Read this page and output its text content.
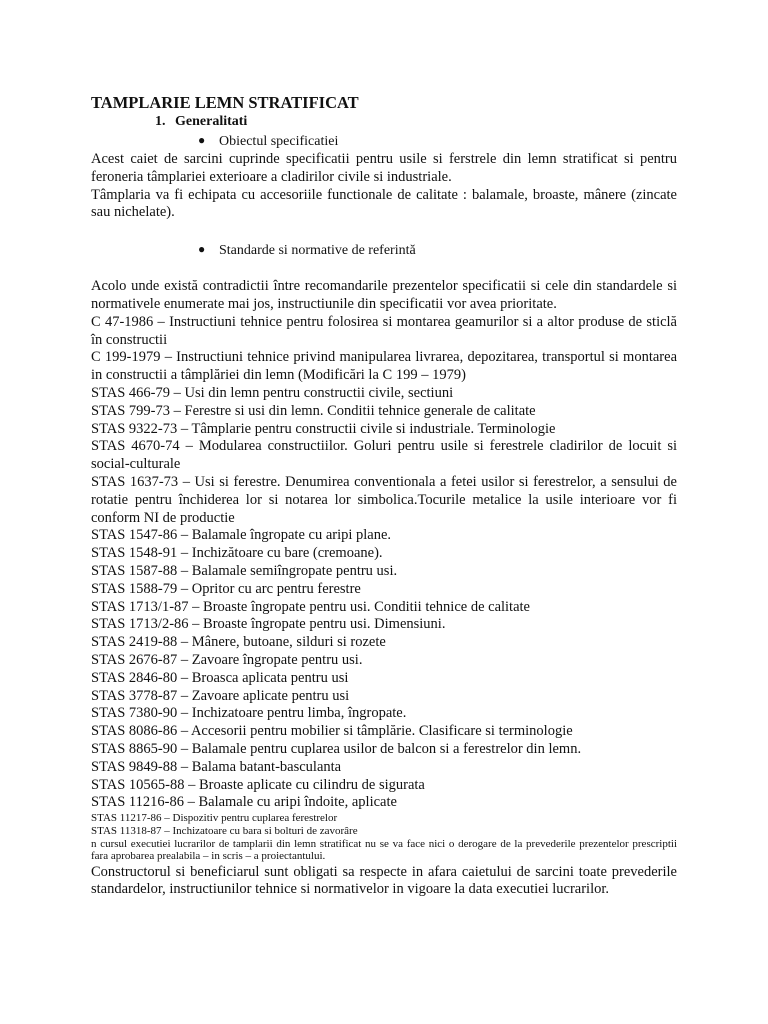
TAMPLARIE LEMN STRATIFICAT
1. Generalitati
● Obiectul specificatiei

Acest caiet de sarcini cuprinde specificatii pentru usile si ferstrele din lemn stratificat si pentru feroneria tâmplariei exterioare a cladirilor civile si industriale.

Tâmplaria va fi echipata cu accesoriile functionale de calitate : balamale, broaste, mânere (zincate sau nichelate).

● Standarde si normative de referintă

Acolo unde există contradictii între recomandarile prezentelor specificatii si cele din standardele si normativele enumerate mai jos, instructiunile din specificatii vor avea prioritate.

C 47-1986 – Instructiuni tehnice pentru folosirea si montarea geamurilor si a altor produse de sticlă în constructii

C 199-1979 – Instructiuni tehnice privind manipularea livrarea, depozitarea, transportul si montarea in constructii a tâmplăriei din lemn (Modificări la C 199 – 1979)

STAS 466-79 – Usi din lemn pentru constructii civile, sectiuni

STAS 799-73 – Ferestre si usi din lemn. Conditii tehnice generale de calitate

STAS 9322-73 – Tâmplarie pentru constructii civile si industriale. Terminologie

STAS 4670-74 – Modularea constructiilor. Goluri pentru usile si ferestrele cladirilor de locuit si social-culturale

STAS 1637-73 – Usi si ferestre. Denumirea conventionala a fetei usilor si ferestrelor, a sensului de rotatie pentru închiderea lor si notarea lor simbolica.Tocurile metalice la usile interioare vor fi conform NI de productie

STAS 1547-86 – Balamale îngropate cu aripi plane.

STAS 1548-91 – Inchizătoare cu bare (cremoane).

STAS 1587-88 – Balamale semiîngropate pentru usi.

STAS 1588-79 – Opritor cu arc pentru ferestre

STAS 1713/1-87 – Broaste îngropate pentru usi. Conditii tehnice de calitate

STAS 1713/2-86 – Broaste îngropate pentru usi. Dimensiuni.

STAS 2419-88 – Mânere, butoane, silduri si rozete

STAS 2676-87 – Zavoare îngropate pentru usi.

STAS 2846-80 – Broasca aplicata pentru usi

STAS 3778-87 – Zavoare aplicate pentru usi

STAS 7380-90 – Inchizatoare pentru limba, îngropate.

STAS 8086-86 – Accesorii pentru mobilier si tâmplărie. Clasificare si terminologie

STAS 8865-90 – Balamale pentru cuplarea usilor de balcon si a ferestrelor din lemn.

STAS 9849-88 – Balama batant-basculanta

STAS 10565-88 – Broaste aplicate cu cilindru de sigurata

STAS 11216-86 – Balamale cu aripi îndoite, aplicate

STAS 11217-86 – Dispozitiv pentru cuplarea ferestrelor

STAS 11318-87 – Inchizatoare cu bara si bolturi de zavorâre

n cursul executiei lucrarilor de tamplarii din lemn stratificat nu se va face nici o derogare de la prevederile prezentelor prescriptii fara aprobarea prealabila – in scris – a proiectantului.

Constructorul si beneficiarul sunt obligati sa respecte in afara caietului de sarcini toate prevederile standardelor, instructiunilor tehnice si normativelor in vigoare la data executiei lucrarilor.
